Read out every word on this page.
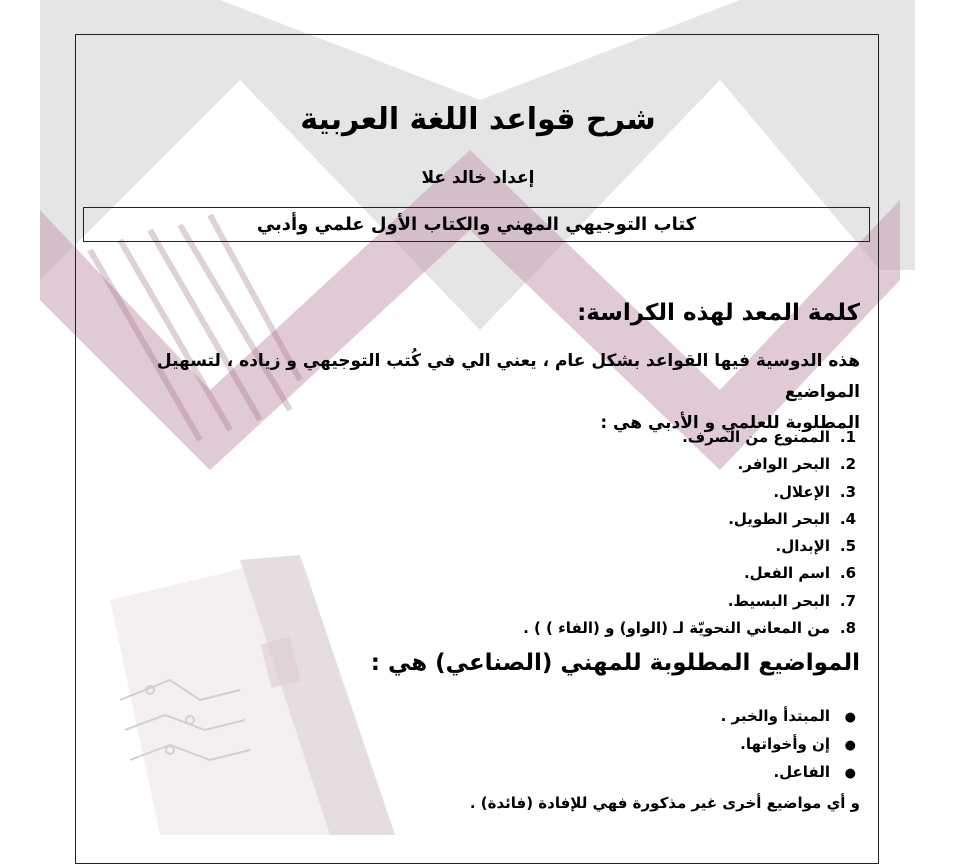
شرح قواعد اللغة العربية
إعداد خالد علا
كتاب التوجيهي المهني والكتاب الأول علمي وأدبي
كلمة المعد لهذه الكراسة:
هذه الدوسية فيها القواعد بشكل عام ، يعني الي في كُتب التوجيهي و زياده ، لتسهيل المواضيع
المطلوبة للعلمي و الأدبي هي :
1.الممنوع من الصرف.
2.البحر الوافر.
3.الإعلال.
4.البحر الطويل.
5.الإبدال.
6.اسم الفعل.
7.البحر البسيط.
8.من المعاني النحويّة لـ (الواو) و (الفاء ) ) .
المواضيع المطلوبة للمهني (الصناعي) هي :
●المبتدأ والخبر .
●إن وأخواتها.
●الفاعل.
و أي مواضيع أخرى غير مذكورة فهي للإفادة (فائدة) .
